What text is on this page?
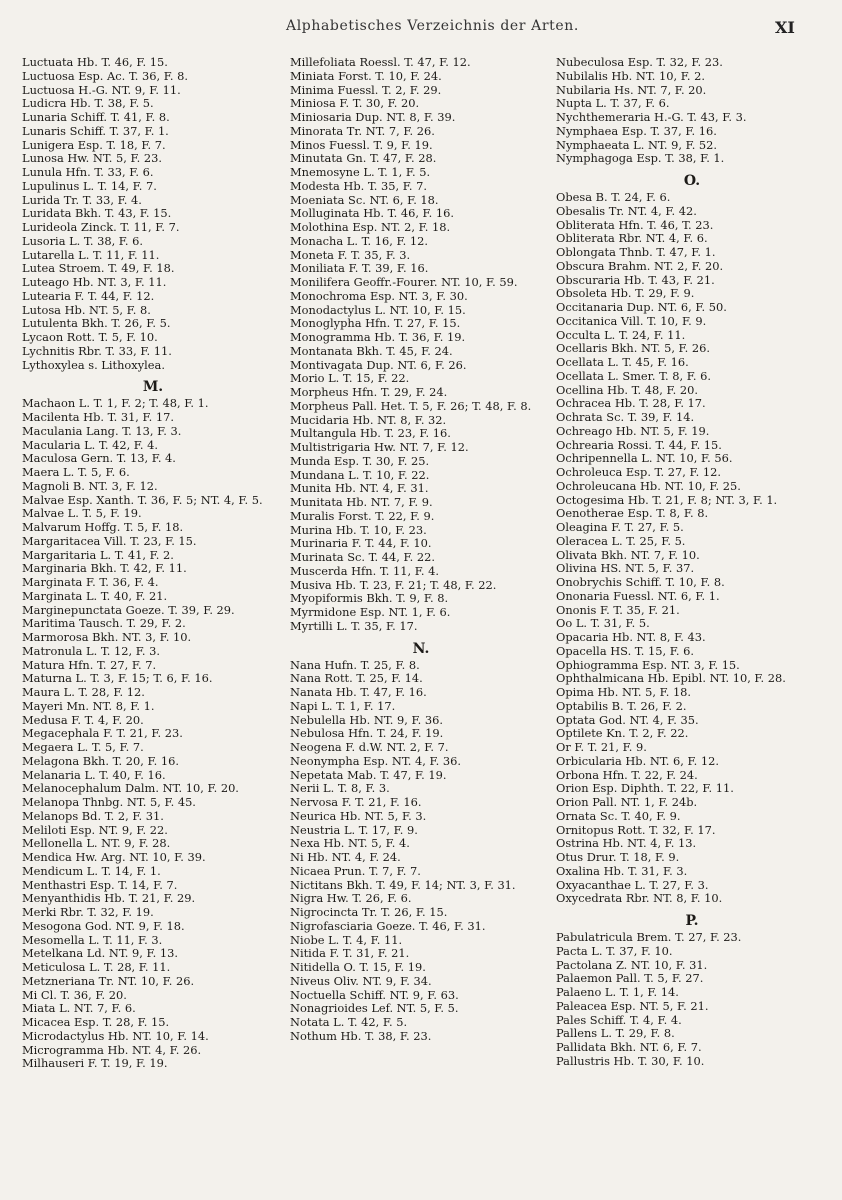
Alphabetisches Verzeichnis der Arten.	XI
Luctuata Hb. T. 46, F. 15.
Luctuosa Esp. Ac. T. 36, F. 8.
Luctuosa H.-G. NT. 9, F. 11.
Ludicra Hb. T. 38, F. 5.
Lunaria Schiff. T. 41, F. 8.
Lunaris Schiff. T. 37, F. 1.
Lunigera Esp. T. 18, F. 7.
Lunosa Hw. NT. 5, F. 23.
Lunula Hfn. T. 33, F. 6.
Lupulinus L. T. 14, F. 7.
Lurida Tr. T. 33, F. 4.
Luridata Bkh. T. 43, F. 15.
Lurideola Zinck. T. 11, F. 7.
Lusoria L. T. 38, F. 6.
Lutarella L. T. 11, F. 11.
Lutea Stroem. T. 49, F. 18.
Luteago Hb. NT. 3, F. 11.
Lutearia F. T. 44, F. 12.
Lutosa Hb. NT. 5, F. 8.
Lutulenta Bkh. T. 26, F. 5.
Lycaon Rott. T. 5, F. 10.
Lychnitis Rbr. T. 33, F. 11.
Lythoxylea s. Lithoxylea.
M.
Machaon L. T. 1, F. 2; T. 48, F. 1.
Macilenta Hb. T. 31, F. 17.
Maculania Lang. T. 13, F. 3.
Macularia L. T. 42, F. 4.
Maculosa Gern. T. 13, F. 4.
Maera L. T. 5, F. 6.
Magnoli B. NT. 3, F. 12.
Malvae Esp. Xanth. T. 36, F. 5; NT. 4, F. 5.
Malvae L. T. 5, F. 19.
Malvarum Hoffg. T. 5, F. 18.
Margaritacea Vill. T. 23, F. 15.
Margaritaria L. T. 41, F. 2.
Marginaria Bkh. T. 42, F. 11.
Marginata F. T. 36, F. 4.
Marginata L. T. 40, F. 21.
Marginepunctata Goeze. T. 39, F. 29.
Maritima Tausch. T. 29, F. 2.
Marmorosa Bkh. NT. 3, F. 10.
Matronula L. T. 12, F. 3.
Matura Hfn. T. 27, F. 7.
Maturna L. T. 3, F. 15; T. 6, F. 16.
Maura L. T. 28, F. 12.
Mayeri Mn. NT. 8, F. 1.
Medusa F. T. 4, F. 20.
Megacephala F. T. 21, F. 23.
Megaera L. T. 5, F. 7.
Melagona Bkh. T. 20, F. 16.
Melanaria L. T. 40, F. 16.
Melanocephalum Dalm. NT. 10, F. 20.
Melanopa Thnbg. NT. 5, F. 45.
Melanops Bd. T. 2, F. 31.
Meliloti Esp. NT. 9, F. 22.
Mellonella L. NT. 9, F. 28.
Mendica Hw. Arg. NT. 10, F. 39.
Mendicum L. T. 14, F. 1.
Menthastri Esp. T. 14, F. 7.
Menyanthidis Hb. T. 21, F. 29.
Merki Rbr. T. 32, F. 19.
Mesogona God. NT. 9, F. 18.
Mesomella L. T. 11, F. 3.
Metelkana Ld. NT. 9, F. 13.
Meticulosa L. T. 28, F. 11.
Metzneriana Tr. NT. 10, F. 26.
Mi Cl. T. 36, F. 20.
Miata L. NT. 7, F. 6.
Micacea Esp. T. 28, F. 15.
Microdactylus Hb. NT. 10, F. 14.
Microgramma Hb. NT. 4, F. 26.
Milhauseri F. T. 19, F. 19.
Millefoliata Roessl. T. 47, F. 12.
Miniata Forst. T. 10, F. 24.
Minima Fuessl. T. 2, F. 29.
Miniosa F. T. 30, F. 20.
Miniosaria Dup. NT. 8, F. 39.
Minorata Tr. NT. 7, F. 26.
Minos Fuessl. T. 9, F. 19.
Minutata Gn. T. 47, F. 28.
Mnemosyne L. T. 1, F. 5.
Modesta Hb. T. 35, F. 7.
Moeniata Sc. NT. 6, F. 18.
Molluginata Hb. T. 46, F. 16.
Molothina Esp. NT. 2, F. 18.
Monacha L. T. 16, F. 12.
Moneta F. T. 35, F. 3.
Moniliata F. T. 39, F. 16.
Monilifera Geoffr.-Fourer. NT. 10, F. 59.
Monochroma Esp. NT. 3, F. 30.
Monodactylus L. NT. 10, F. 15.
Monoglypha Hfn. T. 27, F. 15.
Monogramma Hb. T. 36, F. 19.
Montanata Bkh. T. 45, F. 24.
Montivagata Dup. NT. 6, F. 26.
Morio L. T. 15, F. 22.
Morpheus Hfn. T. 29, F. 24.
Morpheus Pall. Het. T. 5, F. 26; T. 48, F. 8.
Mucidaria Hb. NT. 8, F. 32.
Multangula Hb. T. 23, F. 16.
Multistrigaria Hw. NT. 7, F. 12.
Munda Esp. T. 30, F. 25.
Mundana L. T. 10, F. 22.
Munita Hb. NT. 4, F. 31.
Munitata Hb. NT. 7, F. 9.
Muralis Forst. T. 22, F. 9.
Murina Hb. T. 10, F. 23.
Murinaria F. T. 44, F. 10.
Murinata Sc. T. 44, F. 22.
Muscerda Hfn. T. 11, F. 4.
Musiva Hb. T. 23, F. 21; T. 48, F. 22.
Myopiformis Bkh. T. 9, F. 8.
Myrmidone Esp. NT. 1, F. 6.
Myrtilli L. T. 35, F. 17.
N.
Nana Hufn. T. 25, F. 8.
Nana Rott. T. 25, F. 14.
Nanata Hb. T. 47, F. 16.
Napi L. T. 1, F. 17.
Nebulella Hb. NT. 9, F. 36.
Nebulosa Hfn. T. 24, F. 19.
Neogena F. d.W. NT. 2, F. 7.
Neonympha Esp. NT. 4, F. 36.
Nepetata Mab. T. 47, F. 19.
Nerii L. T. 8, F. 3.
Nervosa F. T. 21, F. 16.
Neurica Hb. NT. 5, F. 3.
Neustria L. T. 17, F. 9.
Nexa Hb. NT. 5, F. 4.
Ni Hb. NT. 4, F. 24.
Nicaea Prun. T. 7, F. 7.
Nictitans Bkh. T. 49, F. 14; NT. 3, F. 31.
Nigra Hw. T. 26, F. 6.
Nigrocincta Tr. T. 26, F. 15.
Nigrofasciaria Goeze. T. 46, F. 31.
Niobe L. T. 4, F. 11.
Nitida F. T. 31, F. 21.
Nitidella O. T. 15, F. 19.
Niveus Oliv. NT. 9, F. 34.
Noctuella Schiff. NT. 9, F. 63.
Nonagrioides Lef. NT. 5, F. 5.
Notata L. T. 42, F. 5.
Nothum Hb. T. 38, F. 23.
Nubeculosa Esp. T. 32, F. 23.
Nubilalis Hb. NT. 10, F. 2.
Nubilaria Hs. NT. 7, F. 20.
Nupta L. T. 37, F. 6.
Nychthemeraria H.-G. T. 43, F. 3.
Nymphaea Esp. T. 37, F. 16.
Nymphaeata L. NT. 9, F. 52.
Nymphagoga Esp. T. 38, F. 1.
O.
Obesa B. T. 24, F. 6.
Obesalis Tr. NT. 4, F. 42.
Obliterata Hfn. T. 46, T. 23.
Obliterata Rbr. NT. 4, F. 6.
Oblongata Thnb. T. 47, F. 1.
Obscura Brahm. NT. 2, F. 20.
Obscuraria Hb. T. 43, F. 21.
Obsoleta Hb. T. 29, F. 9.
Occitanaria Dup. NT. 6, F. 50.
Occitanica Vill. T. 10, F. 9.
Occulta L. T. 24, F. 11.
Ocellaris Bkh. NT. 5, F. 26.
Ocellata L. T. 45, F. 16.
Ocellata L. Smer. T. 8, F. 6.
Ocellina Hb. T. 48, F. 20.
Ochracea Hb. T. 28, F. 17.
Ochrata Sc. T. 39, F. 14.
Ochreago Hb. NT. 5, F. 19.
Ochrearia Rossi. T. 44, F. 15.
Ochripennella L. NT. 10, F. 56.
Ochroleuca Esp. T. 27, F. 12.
Ochroleucana Hb. NT. 10, F. 25.
Octogesima Hb. T. 21, F. 8; NT. 3, F. 1.
Oenotherae Esp. T. 8, F. 8.
Oleagina F. T. 27, F. 5.
Oleracea L. T. 25, F. 5.
Olivata Bkh. NT. 7, F. 10.
Olivina HS. NT. 5, F. 37.
Onobrychis Schiff. T. 10, F. 8.
Ononaria Fuessl. NT. 6, F. 1.
Ononis F. T. 35, F. 21.
Oo L. T. 31, F. 5.
Opacaria Hb. NT. 8, F. 43.
Opacella HS. T. 15, F. 6.
Ophiogramma Esp. NT. 3, F. 15.
Ophthalmicana Hb. Epibl. NT. 10, F. 28.
Opima Hb. NT. 5, F. 18.
Optabilis B. T. 26, F. 2.
Optata God. NT. 4, F. 35.
Optilete Kn. T. 2, F. 22.
Or F. T. 21, F. 9.
Orbicularia Hb. NT. 6, F. 12.
Orbona Hfn. T. 22, F. 24.
Orion Esp. Diphth. T. 22, F. 11.
Orion Pall. NT. 1, F. 24b.
Ornata Sc. T. 40, F. 9.
Ornitopus Rott. T. 32, F. 17.
Ostrina Hb. NT. 4, F. 13.
Otus Drur. T. 18, F. 9.
Oxalina Hb. T. 31, F. 3.
Oxyacanthae L. T. 27, F. 3.
Oxycedrata Rbr. NT. 8, F. 10.
P.
Pabulatricula Brem. T. 27, F. 23.
Pacta L. T. 37, F. 10.
Pactolana Z. NT. 10, F. 31.
Palaemon Pall. T. 5, F. 27.
Palaeno L. T. 1, F. 14.
Paleacea Esp. NT. 5, F. 21.
Pales Schiff. T. 4, F. 4.
Pallens L. T. 29, F. 8.
Pallidata Bkh. NT. 6, F. 7.
Pallustris Hb. T. 30, F. 10.
